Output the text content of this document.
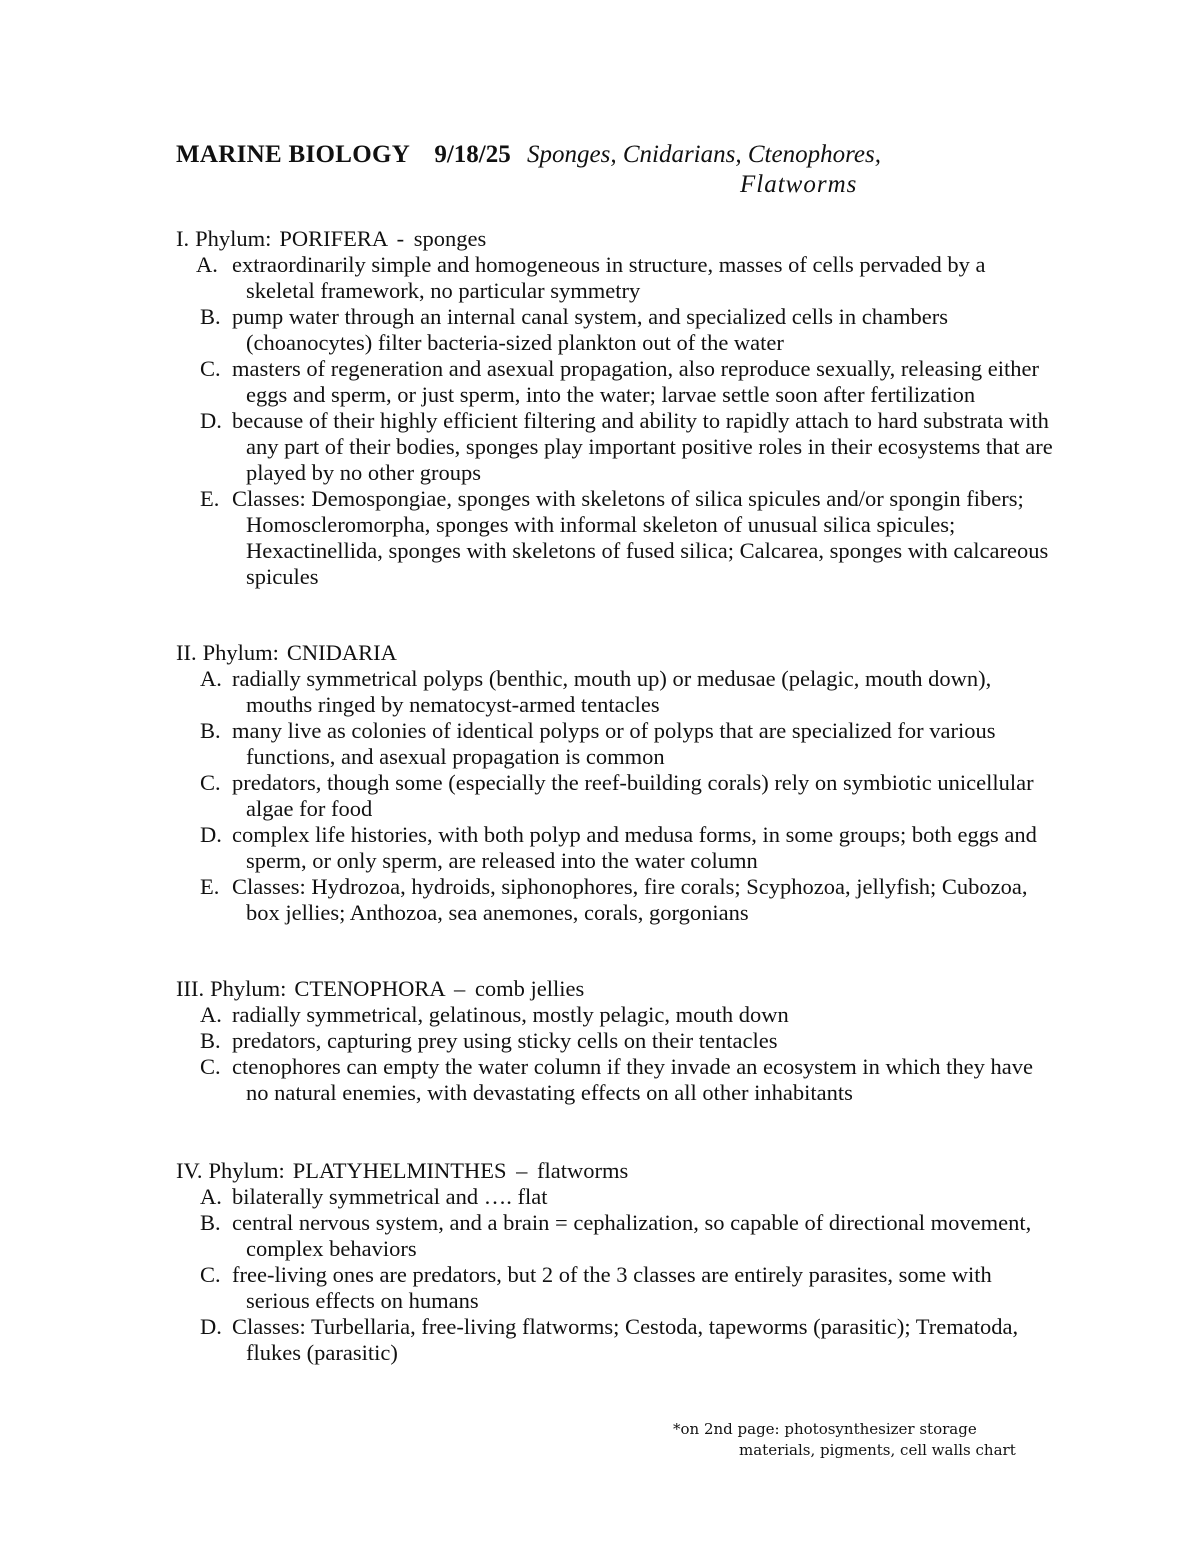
MARINE BIOLOGY 9/18/25 Sponges, Cnidarians, Ctenophores,
Flatworms
I. Phylum: PORIFERA - sponges
A. extraordinarily simple and homogeneous in structure, masses of cells pervaded by a skeletal framework, no particular symmetry
B. pump water through an internal canal system, and specialized cells in chambers (choanocytes) filter bacteria-sized plankton out of the water
C. masters of regeneration and asexual propagation, also reproduce sexually, releasing either eggs and sperm, or just sperm, into the water; larvae settle soon after fertilization
D. because of their highly efficient filtering and ability to rapidly attach to hard substrata with any part of their bodies, sponges play important positive roles in their ecosystems that are played by no other groups
E. Classes: Demospongiae, sponges with skeletons of silica spicules and/or spongin fibers; Homoscleromorpha, sponges with informal skeleton of unusual silica spicules; Hexactinellida, sponges with skeletons of fused silica; Calcarea, sponges with calcareous spicules
II. Phylum: CNIDARIA
A. radially symmetrical polyps (benthic, mouth up) or medusae (pelagic, mouth down), mouths ringed by nematocyst-armed tentacles
B. many live as colonies of identical polyps or of polyps that are specialized for various functions, and asexual propagation is common
C. predators, though some (especially the reef-building corals) rely on symbiotic unicellular algae for food
D. complex life histories, with both polyp and medusa forms, in some groups; both eggs and sperm, or only sperm, are released into the water column
E. Classes: Hydrozoa, hydroids, siphonophores, fire corals; Scyphozoa, jellyfish; Cubozoa, box jellies; Anthozoa, sea anemones, corals, gorgonians
III. Phylum: CTENOPHORA – comb jellies
A. radially symmetrical, gelatinous, mostly pelagic, mouth down
B. predators, capturing prey using sticky cells on their tentacles
C. ctenophores can empty the water column if they invade an ecosystem in which they have no natural enemies, with devastating effects on all other inhabitants
IV. Phylum: PLATYHELMINTHES – flatworms
A. bilaterally symmetrical and …. flat
B. central nervous system, and a brain = cephalization, so capable of directional movement, complex behaviors
C. free-living ones are predators, but 2 of the 3 classes are entirely parasites, some with serious effects on humans
D. Classes: Turbellaria, free-living flatworms; Cestoda, tapeworms (parasitic); Trematoda, flukes (parasitic)
*on 2nd page: photosynthesizer storage
materials, pigments, cell walls chart
